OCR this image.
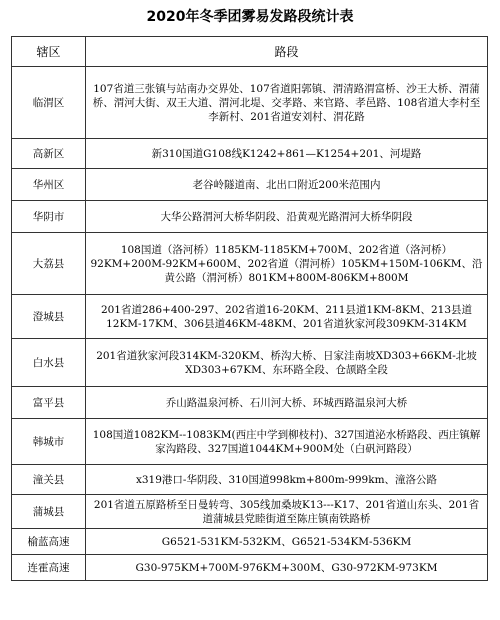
2020年冬季团雾易发路段统计表
辖区	路段
临渭区	107省道三张镇与站南办交界处、107省道阳郭镇、渭清路渭富桥、沙王大桥、渭蒲桥、渭河大街、双王大道、渭河北堤、交孝路、来官路、孝邑路、108省道大李村至李新村、201省道安刘村、渭花路
高新区	新310国道G108线K1242+861—K1254+201、河堤路
华州区	老谷岭隧道南、北出口附近200米范围内
华阴市	大华公路渭河大桥华阴段、沿黄观光路渭河大桥华阴段
大荔县	108国道（洛河桥）1185KM-1185KM+700M、202省道（洛河桥）92KM+200M-92KM+600M、202省道（渭河桥）105KM+150M-106KM、沿黄公路（渭河桥）801KM+800M-806KM+800M
澄城县	201省道286+400-297、202省道16-20KM、211县道1KM-8KM、213县道12KM-17KM、306县道46KM-48KM、201省道狄家河段309KM-314KM
白水县	201省道狄家河段314KM-320KM、桥沟大桥、日家洼南坡XD303+66KM-北坡XD303+67KM、东环路全段、仓颉路全段
富平县	乔山路温泉河桥、石川河大桥、环城西路温泉河大桥
韩城市	108国道1082KM--1083KM(西庄中学到柳枝村)、327国道泌水桥路段、西庄镇解家沟路段、327国道1044KM+900M处（白矾河路段）
潼关县	x319港口-华阴段、310国道998km+800m-999km、潼洛公路
蒲城县	201省道五原路桥至日曼转弯、305线加桑坡K13---K17、201省道山东头、201省道蒲城县党睦街道至陈庄镇南铁路桥
榆蓝高速	G6521-531KM-532KM、G6521-534KM-536KM
连霍高速	G30-975KM+700M-976KM+300M、G30-972KM-973KM
